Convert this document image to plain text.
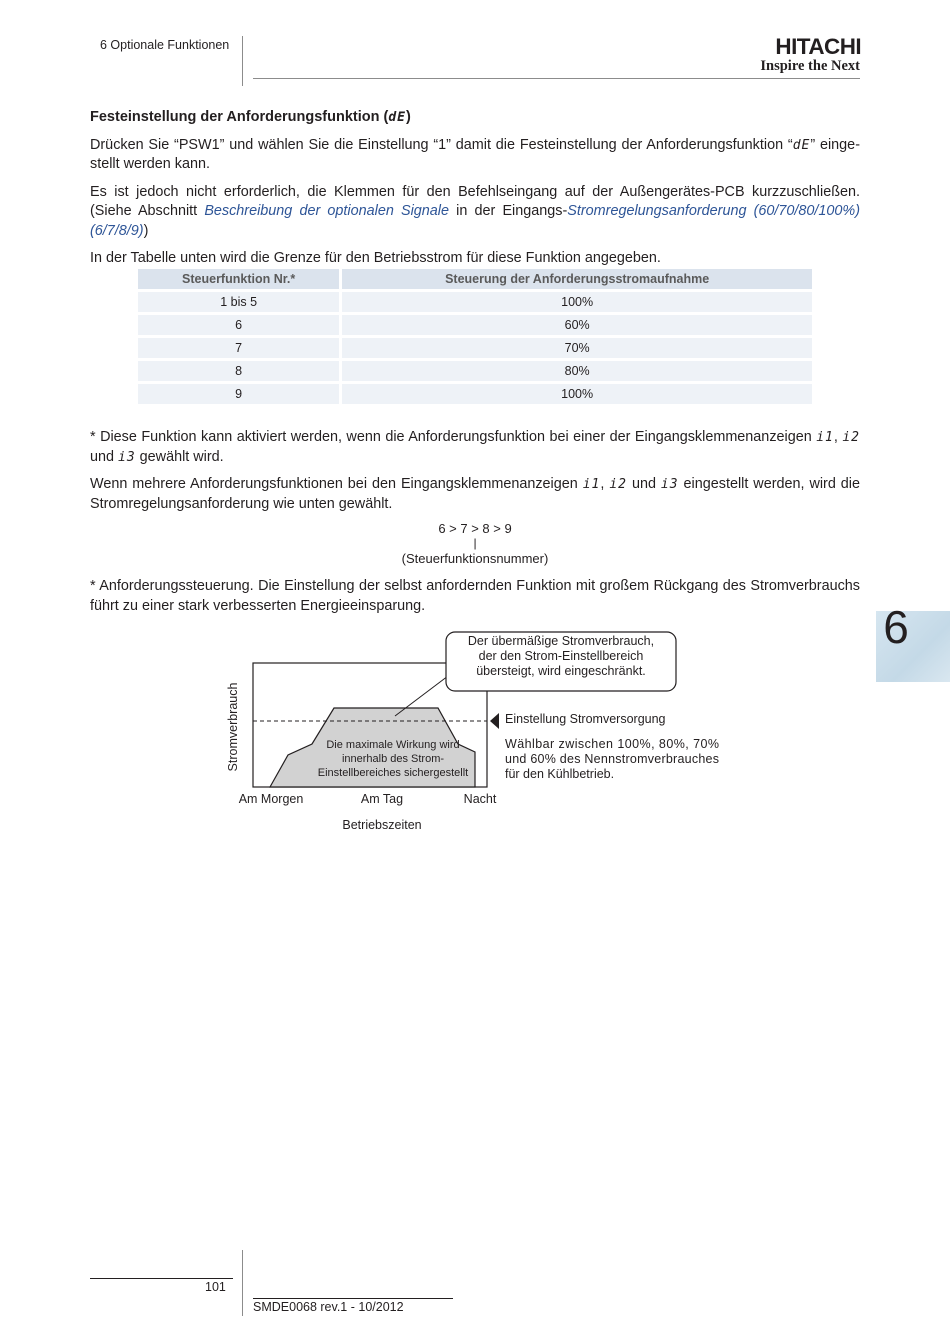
6 Optionale Funktionen	HITACHI
Inspire the Next
Festeinstellung der Anforderungsfunktion (dE)

Drücken Sie “PSW1” und wählen Sie die Einstellung “1” damit die Festeinstellung der Anforderungsfunktion “dE” eingestellt werden kann.

Es ist jedoch nicht erforderlich, die Klemmen für den Befehlseingang auf der Außengerätes-PCB kurzzuschließen. (Siehe Abschnitt Beschreibung der optionalen Signale in der Eingangs-Stromregelungsanforderung (60/70/80/100%) (6/7/8/9))

In der Tabelle unten wird die Grenze für den Betriebsstrom für diese Funktion angegeben.

Steuerfunktion Nr.*	Steuerung der Anforderungsstromaufnahme
1 bis 5	100%
6	60%
7	70%
8	80%
9	100%

* Diese Funktion kann aktiviert werden, wenn die Anforderungsfunktion bei einer der Eingangsklemmenanzeigen i1, i2 und i3 gewählt wird.

Wenn mehrere Anforderungsfunktionen bei den Eingangsklemmenanzeigen i1, i2 und i3 eingestellt werden, wird die Stromregelungsanforderung wie unten gewählt.

6 > 7 > 8 > 9
|
(Steuerfunktionsnummer)

* Anforderungssteuerung. Die Einstellung der selbst anfordernden Funktion mit großem Rückgang des Stromverbrauchs führt zu einer stark verbesserten Energieeinsparung.	6
Der übermäßige Stromverbrauch,
der den Strom-Einstellbereich
übersteigt, wird eingeschränkt.
Die maximale Wirkung wird
innerhalb des Strom-
Einstellbereiches sichergestellt
Stromverbrauch
Am Morgen	Am Tag	Nacht
Betriebszeiten
Einstellung Stromversorgung
Wählbar zwischen 100%, 80%, 70%
und 60% des Nennstromverbrauches
für den Kühlbetrieb.
101
SMDE0068 rev.1 - 10/2012
